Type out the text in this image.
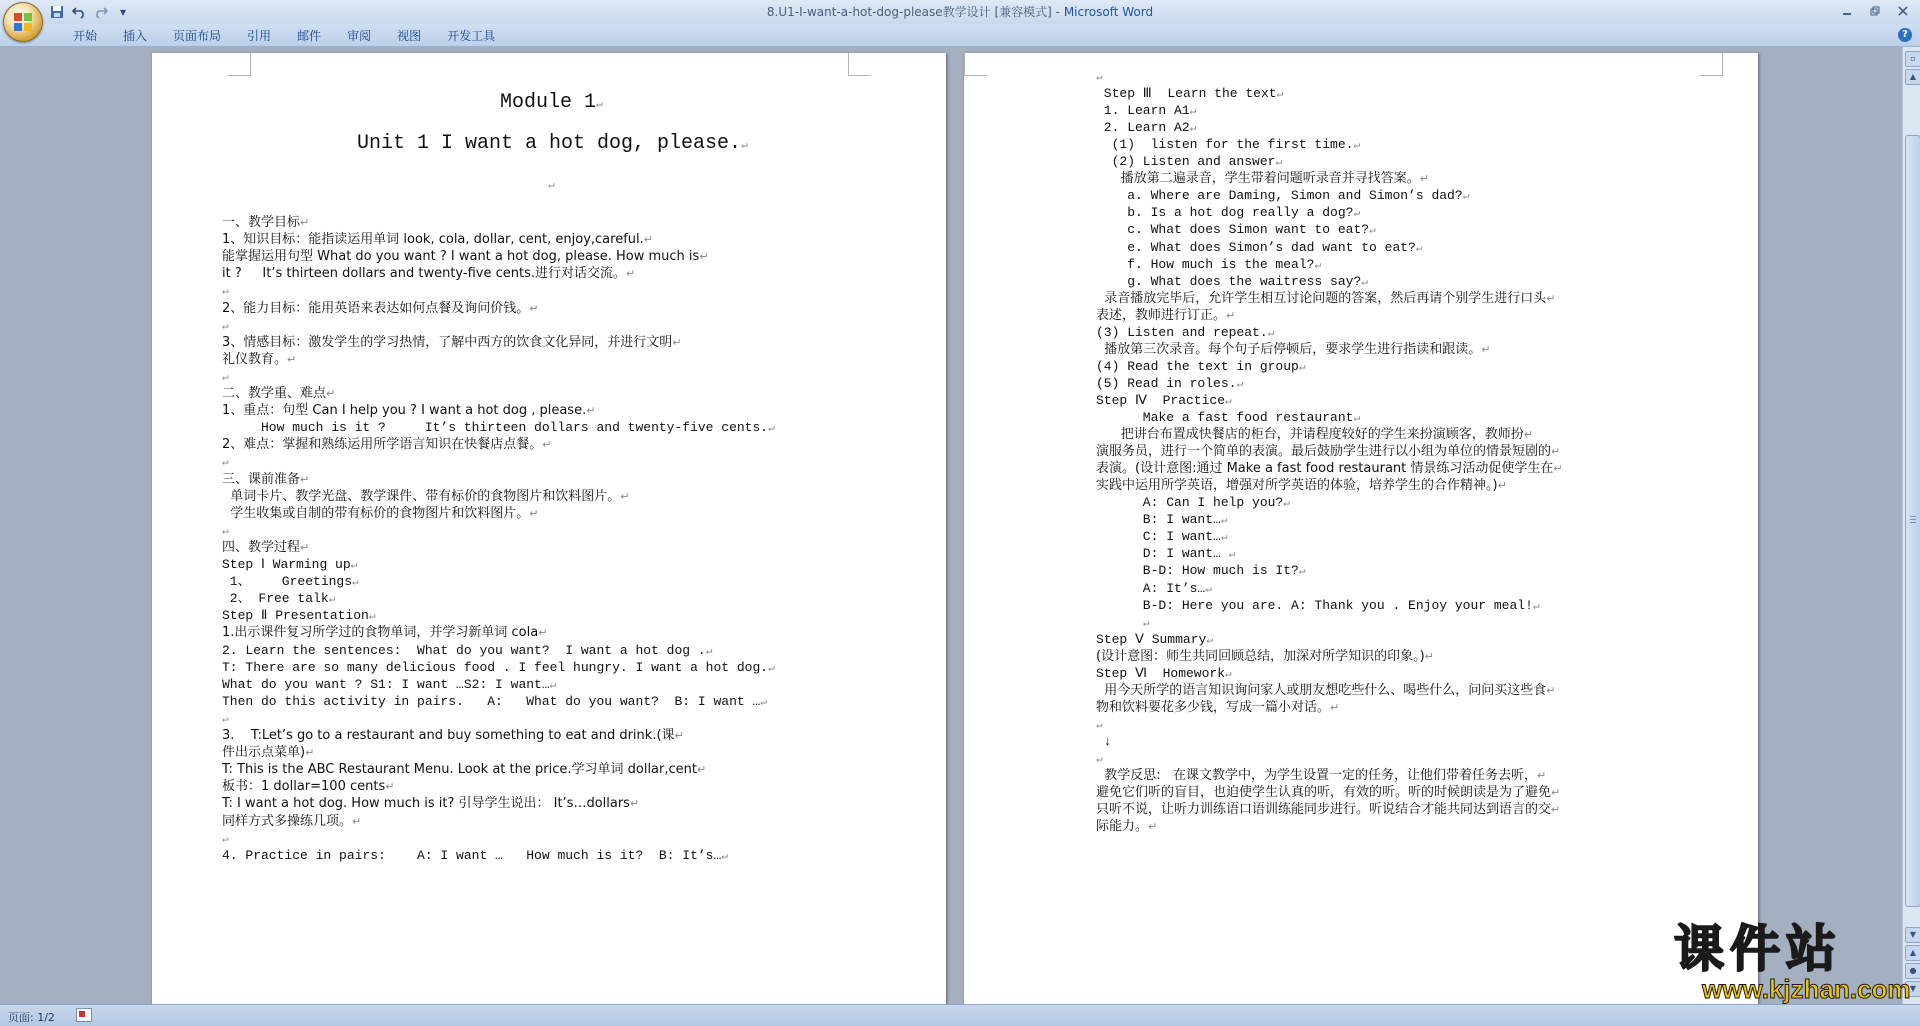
8.U1-I-want-a-hot-dog-please教学设计 [兼容模式] - Microsoft Word
▾
开始	插入	页面布局	引用	邮件	审阅	视图	开发工具	?
Module 1↵
Unit 1 I want a hot dog, please.↵
↵
一、教学目标↵
1、知识目标：能指读运用单词 look, cola, dollar, cent, enjoy,careful.↵
能掌握运用句型 What do you want ? I want a hot dog, please. How much is↵
it ?     It’s thirteen dollars and twenty-five cents.进行对话交流。↵
↵
2、能力目标：能用英语来表达如何点餐及询问价钱。↵
↵
3、情感目标：激发学生的学习热情，了解中西方的饮食文化异同，并进行文明↵
礼仪教育。↵
↵
二、教学重、难点↵
1、重点：句型 Can I help you ? I want a hot dog , please.↵
How much is it ?     It’s thirteen dollars and twenty-five cents.↵
2、难点：掌握和熟练运用所学语言知识在快餐店点餐。↵
↵
三、课前准备↵
单词卡片、教学光盘、教学课件、带有标价的食物图片和饮料图片。↵
学生收集或自制的带有标价的食物图片和饮料图片。↵
↵
四、教学过程↵
Step Ⅰ Warming up↵
1、    Greetings↵
2、 Free talk↵
Step Ⅱ Presentation↵
1.出示课件复习所学过的食物单词，并学习新单词 cola↵
2. Learn the sentences:  What do you want?  I want a hot dog .↵
T: There are so many delicious food . I feel hungry. I want a hot dog.↵
What do you want ? S1: I want …S2: I want…↵
Then do this activity in pairs.   A:   What do you want?  B: I want …↵
↵
3.    T:Let’s go to a restaurant and buy something to eat and drink.(课↵
件出示点菜单)↵
T: This is the ABC Restaurant Menu. Look at the price.学习单词 dollar,cent↵
板书：1 dollar=100 cents↵
T: I want a hot dog. How much is it? 引导学生说出： It’s…dollars↵
同样方式多操练几项。↵
↵
4. Practice in pairs:    A: I want …   How much is it?  B: It’s…↵
↵
Step Ⅲ  Learn the text↵
1. Learn A1↵
2. Learn A2↵
(1)  listen for the first time.↵
(2) Listen and answer↵
播放第二遍录音，学生带着问题听录音并寻找答案。↵
a. Where are Daming, Simon and Simon’s dad?↵
b. Is a hot dog really a dog?↵
c. What does Simon want to eat?↵
e. What does Simon’s dad want to eat?↵
f. How much is the meal?↵
g. What does the waitress say?↵
录音播放完毕后，允许学生相互讨论问题的答案，然后再请个别学生进行口头↵
表述，教师进行订正。↵
(3) Listen and repeat.↵
播放第三次录音。每个句子后停顿后，要求学生进行指读和跟读。↵
(4) Read the text in group↵
(5) Read in roles.↵
Step Ⅳ  Practice↵
Make a fast food restaurant↵
把讲台布置成快餐店的柜台，并请程度较好的学生来扮演顾客，教师扮↵
演服务员，进行一个简单的表演。最后鼓励学生进行以小组为单位的情景短剧的↵
表演。(设计意图:通过 Make a fast food restaurant 情景练习活动促使学生在↵
实践中运用所学英语，增强对所学英语的体验，培养学生的合作精神。)↵
A: Can I help you?↵
B: I want…↵
C: I want…↵
D: I want… ↵
B-D: How much is It?↵
A: It’s…↵
B-D: Here you are. A: Thank you . Enjoy your meal!↵
↵
Step Ⅴ Summary↵
(设计意图：师生共同回顾总结，加深对所学知识的印象。)↵
Step Ⅵ  Homework↵
用今天所学的语言知识询问家人或朋友想吃些什么、喝些什么，问问买这些食↵
物和饮料要花多少钱，写成一篇小对话。↵
↵
↓
↵
教学反思:   在课文教学中，为学生设置一定的任务，让他们带着任务去听，↵
避免它们听的盲目，也迫使学生认真的听，有效的听。听的时候朗读是为了避免↵
只听不说，让听力训练语口语训练能同步进行。听说结合才能共同达到语言的交↵
际能力。↵
▫
▲
▼
▲
●
▼
页面: 1/2
课件站
www.kjzhan.com
